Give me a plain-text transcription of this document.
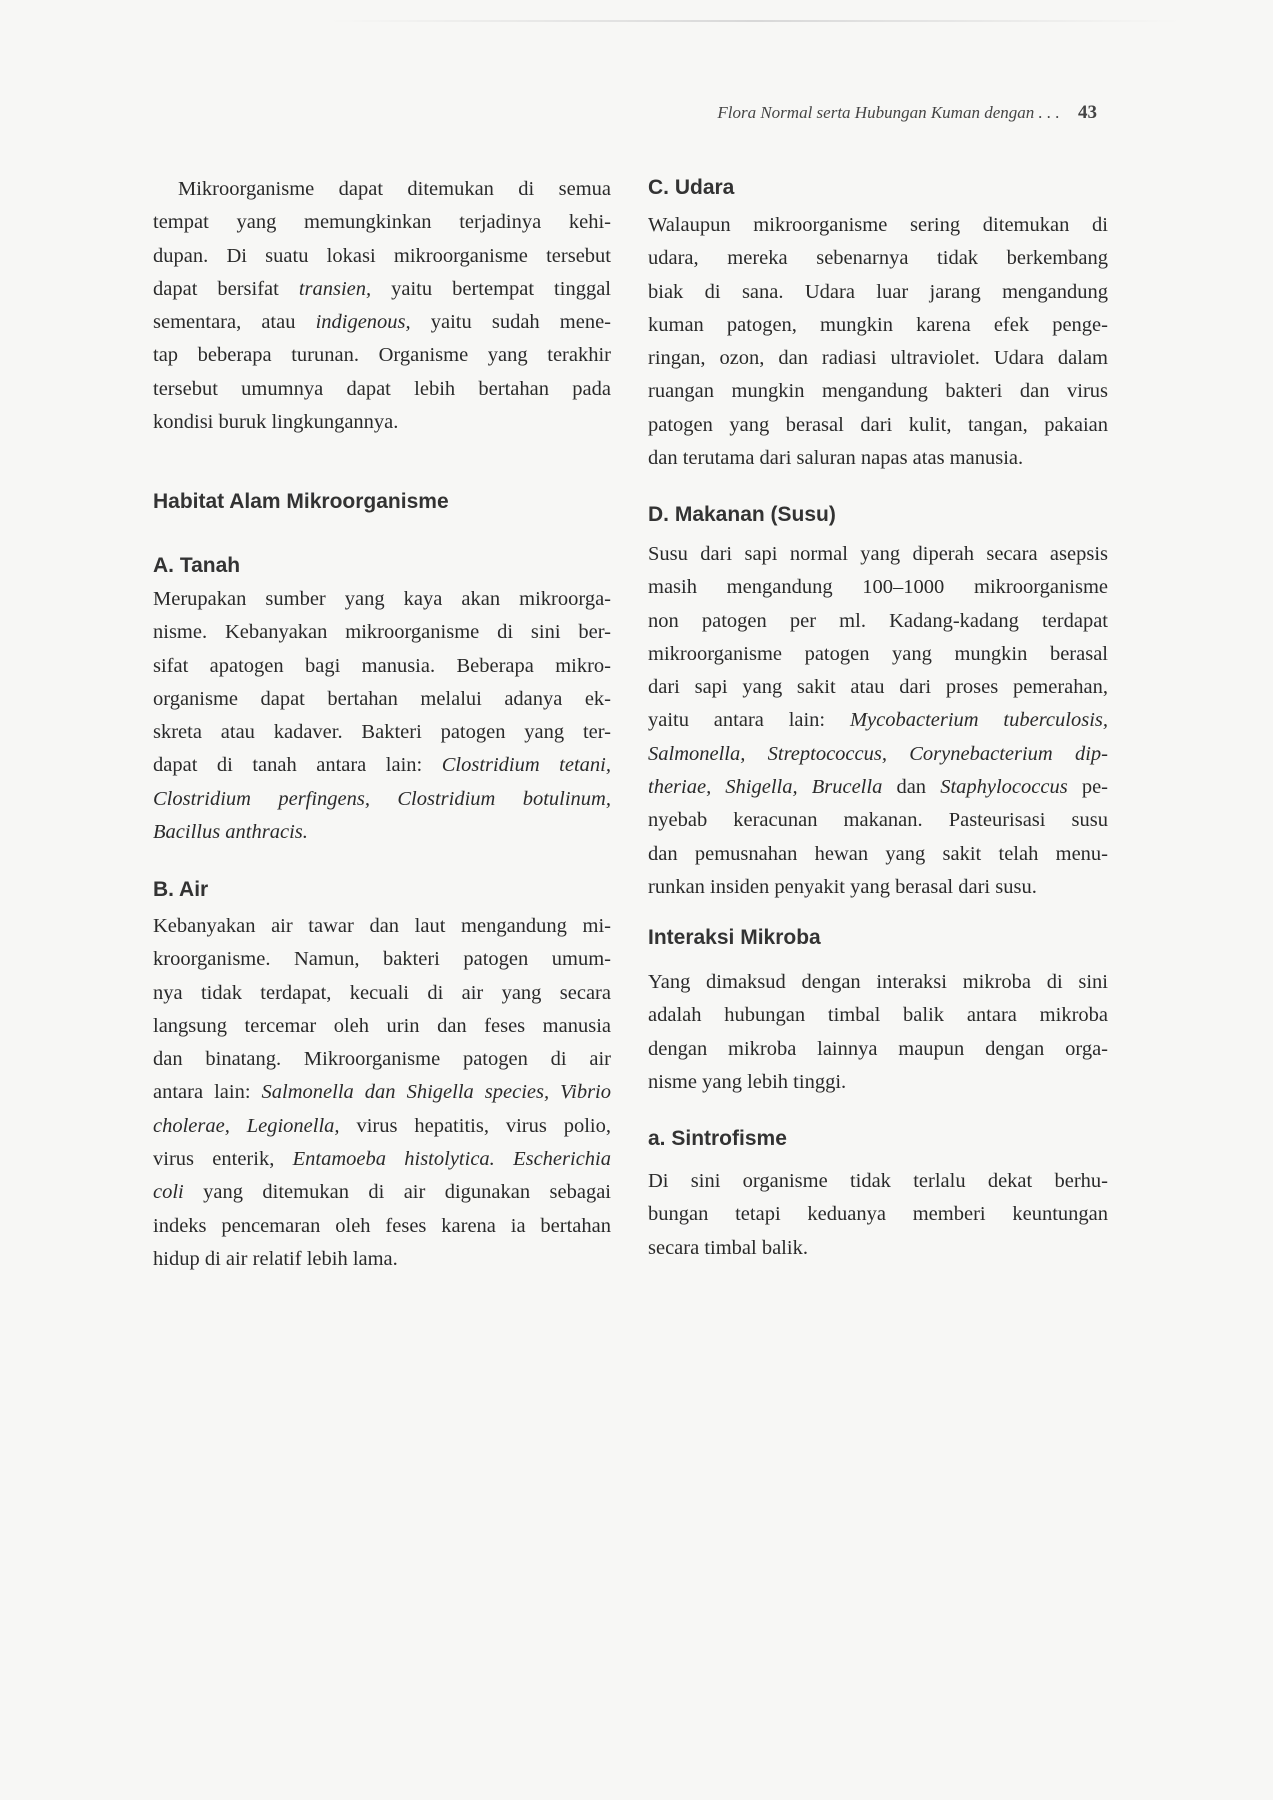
Flora Normal serta Hubungan Kuman dengan . . . 43
Mikroorganisme dapat ditemukan di semua
tempat yang memungkinkan terjadinya kehi-
dupan. Di suatu lokasi mikroorganisme tersebut
dapat bersifat transien, yaitu bertempat tinggal
sementara, atau indigenous, yaitu sudah mene-
tap beberapa turunan. Organisme yang terakhir
tersebut umumnya dapat lebih bertahan pada
kondisi buruk lingkungannya.
Habitat Alam Mikroorganisme
A. Tanah
Merupakan sumber yang kaya akan mikroorga-
nisme. Kebanyakan mikroorganisme di sini ber-
sifat apatogen bagi manusia. Beberapa mikro-
organisme dapat bertahan melalui adanya ek-
skreta atau kadaver. Bakteri patogen yang ter-
dapat di tanah antara lain: Clostridium tetani,
Clostridium perfingens, Clostridium botulinum,
Bacillus anthracis.
B. Air
Kebanyakan air tawar dan laut mengandung mi-
kroorganisme. Namun, bakteri patogen umum-
nya tidak terdapat, kecuali di air yang secara
langsung tercemar oleh urin dan feses manusia
dan binatang. Mikroorganisme patogen di air
antara lain: Salmonella dan Shigella species, Vibrio
cholerae, Legionella, virus hepatitis, virus polio,
virus enterik, Entamoeba histolytica. Escherichia
coli yang ditemukan di air digunakan sebagai
indeks pencemaran oleh feses karena ia bertahan
hidup di air relatif lebih lama.
C. Udara
Walaupun mikroorganisme sering ditemukan di
udara, mereka sebenarnya tidak berkembang
biak di sana. Udara luar jarang mengandung
kuman patogen, mungkin karena efek penge-
ringan, ozon, dan radiasi ultraviolet. Udara dalam
ruangan mungkin mengandung bakteri dan virus
patogen yang berasal dari kulit, tangan, pakaian
dan terutama dari saluran napas atas manusia.
D. Makanan (Susu)
Susu dari sapi normal yang diperah secara asepsis
masih mengandung 100–1000 mikroorganisme
non patogen per ml. Kadang-kadang terdapat
mikroorganisme patogen yang mungkin berasal
dari sapi yang sakit atau dari proses pemerahan,
yaitu antara lain: Mycobacterium tuberculosis,
Salmonella, Streptococcus, Corynebacterium dip-
theriae, Shigella, Brucella dan Staphylococcus pe-
nyebab keracunan makanan. Pasteurisasi susu
dan pemusnahan hewan yang sakit telah menu-
runkan insiden penyakit yang berasal dari susu.
Interaksi Mikroba
Yang dimaksud dengan interaksi mikroba di sini
adalah hubungan timbal balik antara mikroba
dengan mikroba lainnya maupun dengan orga-
nisme yang lebih tinggi.
a. Sintrofisme
Di sini organisme tidak terlalu dekat berhu-
bungan tetapi keduanya memberi keuntungan
secara timbal balik.
